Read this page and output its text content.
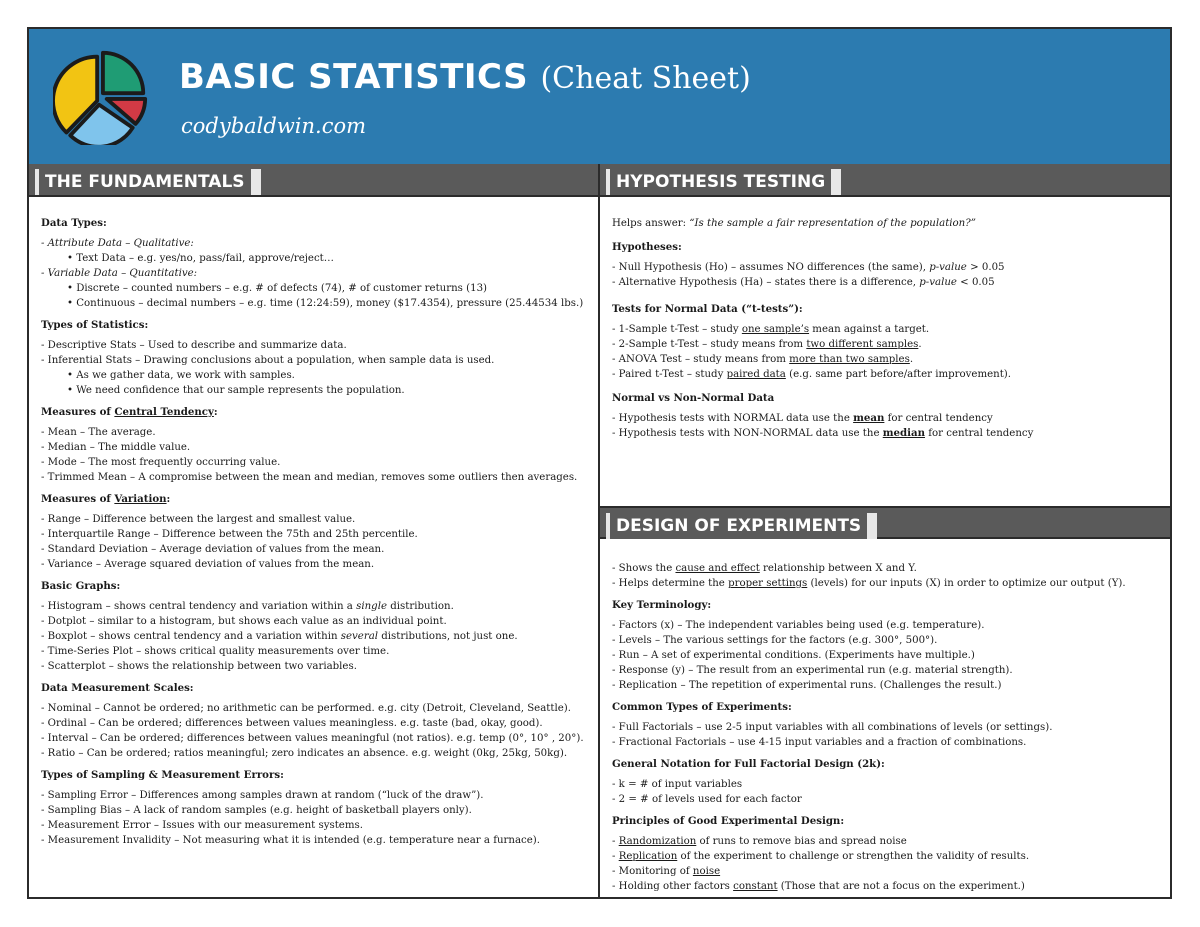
BASIC STATISTICS (Cheat Sheet)
codybaldwin.com
THE FUNDAMENTALS
Data Types:
- Attribute Data – Qualitative:
• Text Data – e.g. yes/no, pass/fail, approve/reject…
- Variable Data – Quantitative:
• Discrete – counted numbers – e.g. # of defects (74), # of customer returns (13)
• Continuous – decimal numbers – e.g. time (12:24:59), money ($17.4354), pressure (25.44534 lbs.)
Types of Statistics:
- Descriptive Stats – Used to describe and summarize data.
- Inferential Stats – Drawing conclusions about a population, when sample data is used.
• As we gather data, we work with samples.
• We need confidence that our sample represents the population.
Measures of Central Tendency:
- Mean – The average.
- Median – The middle value.
- Mode – The most frequently occurring value.
- Trimmed Mean – A compromise between the mean and median, removes some outliers then averages.
Measures of Variation:
- Range – Difference between the largest and smallest value.
- Interquartile Range – Difference between the 75th and 25th percentile.
- Standard Deviation – Average deviation of values from the mean.
- Variance – Average squared deviation of values from the mean.
Basic Graphs:
- Histogram – shows central tendency and variation within a single distribution.
- Dotplot – similar to a histogram, but shows each value as an individual point.
- Boxplot – shows central tendency and a variation within several distributions, not just one.
- Time-Series Plot – shows critical quality measurements over time.
- Scatterplot – shows the relationship between two variables.
Data Measurement Scales:
- Nominal – Cannot be ordered; no arithmetic can be performed. e.g. city (Detroit, Cleveland, Seattle).
- Ordinal – Can be ordered; differences between values meaningless. e.g. taste (bad, okay, good).
- Interval – Can be ordered; differences between values meaningful (not ratios). e.g. temp (0°, 10° , 20°).
- Ratio – Can be ordered; ratios meaningful; zero indicates an absence. e.g. weight (0kg, 25kg, 50kg).
Types of Sampling & Measurement Errors:
- Sampling Error – Differences among samples drawn at random (“luck of the draw”).
- Sampling Bias – A lack of random samples (e.g. height of basketball players only).
- Measurement Error – Issues with our measurement systems.
- Measurement Invalidity – Not measuring what it is intended (e.g. temperature near a furnace).
HYPOTHESIS TESTING
Helps answer: “Is the sample a fair representation of the population?”
Hypotheses:
- Null Hypothesis (Ho) – assumes NO differences (the same), p-value > 0.05
- Alternative Hypothesis (Ha) – states there is a difference, p-value < 0.05
Tests for Normal Data (“t-tests”):
- 1-Sample t-Test – study one sample’s mean against a target.
- 2-Sample t-Test – study means from two different samples.
- ANOVA Test – study means from more than two samples.
- Paired t-Test – study paired data (e.g. same part before/after improvement).
Normal vs Non-Normal Data
- Hypothesis tests with NORMAL data use the mean for central tendency
- Hypothesis tests with NON-NORMAL data use the median for central tendency
DESIGN OF EXPERIMENTS
- Shows the cause and effect relationship between X and Y.
- Helps determine the proper settings (levels) for our inputs (X) in order to optimize our output (Y).
Key Terminology:
- Factors (x) – The independent variables being used (e.g. temperature).
- Levels – The various settings for the factors (e.g. 300°, 500°).
- Run – A set of experimental conditions. (Experiments have multiple.)
- Response (y) – The result from an experimental run (e.g. material strength).
- Replication – The repetition of experimental runs. (Challenges the result.)
Common Types of Experiments:
- Full Factorials – use 2-5 input variables with all combinations of levels (or settings).
- Fractional Factorials – use 4-15 input variables and a fraction of combinations.
General Notation for Full Factorial Design (2k):
- k = # of input variables
- 2 = # of levels used for each factor
Principles of Good Experimental Design:
- Randomization of runs to remove bias and spread noise
- Replication of the experiment to challenge or strengthen the validity of results.
- Monitoring of noise
- Holding other factors constant (Those that are not a focus on the experiment.)
